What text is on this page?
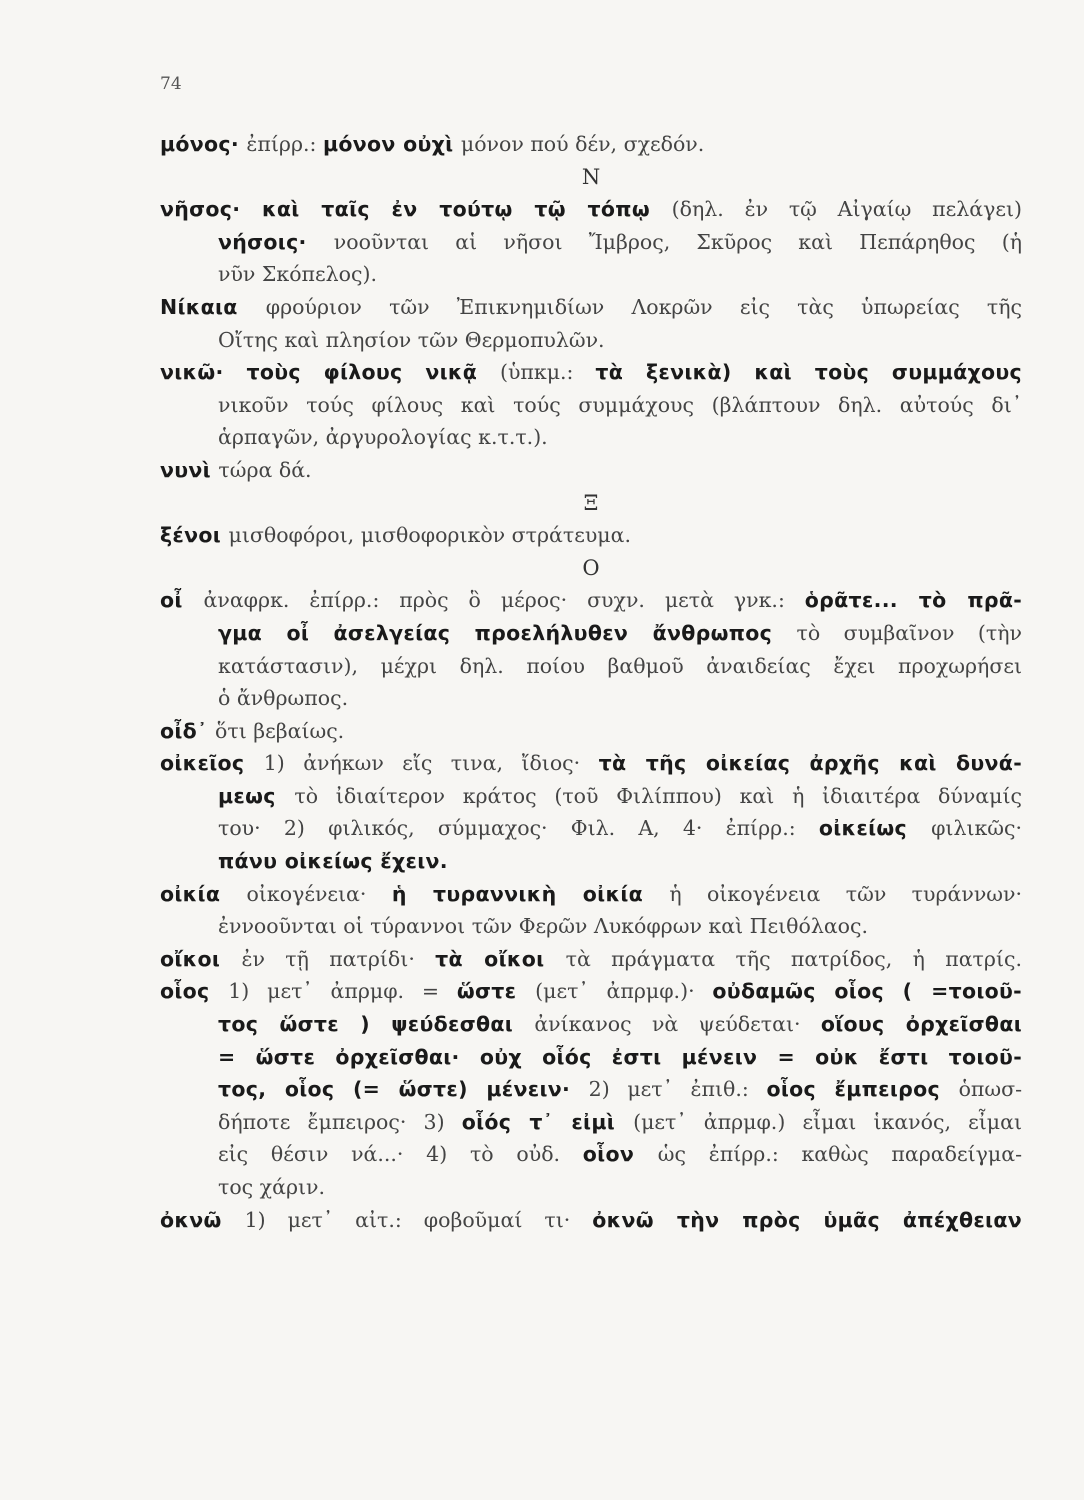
74
μόνος· ἐπίρρ.: μόνον οὐχὶ μόνον πού δέν, σχεδόν.
N
νῆσος· καὶ ταῖς ἐν τούτῳ τῷ τόπῳ (δηλ. ἐν τῷ Αἰγαίῳ πελάγει)
νήσοις· νοοῦνται αἱ νῆσοι Ἴμβρος, Σκῦρος καὶ Πεπάρηθος (ἡ
νῦν Σκόπελος).
Νίκαια φρούριον τῶν Ἐπικνημιδίων Λοκρῶν εἰς τὰς ὑπωρείας τῆς
Οἴτης καὶ πλησίον τῶν Θερμοπυλῶν.
νικῶ· τοὺς φίλους νικᾷ (ὑπκμ.: τὰ ξενικὰ) καὶ τοὺς συμμάχους
νικοῦν τούς φίλους καὶ τούς συμμάχους (βλάπτουν δηλ. αὐτούς δι᾿
ἁρπαγῶν, ἀργυρολογίας κ.τ.τ.).
νυνὶ τώρα δά.
Ξ
ξένοι μισθοφόροι, μισθοφορικὸν στράτευμα.
O
οἶ ἀναφρκ. ἐπίρρ.: πρὸς ὃ μέρος· συχν. μετὰ γνκ.: ὁρᾶτε... τὸ πρᾶ-
γμα οἶ ἀσελγείας προελήλυθεν ἄνθρωπος τὸ συμβαῖνον (τὴν
κατάστασιν), μέχρι δηλ. ποίου βαθμοῦ ἀναιδείας ἔχει προχωρήσει
ὁ ἄνθρωπος.
οἶδ᾿ ὅτι βεβαίως.
οἰκεῖος 1) ἀνήκων εἴς τινα, ἴδιος· τὰ τῆς οἰκείας ἀρχῆς καὶ δυνά-
μεως τὸ ἰδιαίτερον κράτος (τοῦ Φιλίππου) καὶ ἡ ἰδιαιτέρα δύναμίς
του· 2) φιλικός, σύμμαχος· Φιλ. Α, 4· ἐπίρρ.: οἰκείως φιλικῶς·
πάνυ οἰκείως ἔχειν.
οἰκία οἰκογένεια· ἡ τυραννικὴ οἰκία ἡ οἰκογένεια τῶν τυράννων·
ἐννοοῦνται οἱ τύραννοι τῶν Φερῶν Λυκόφρων καὶ Πειθόλαος.
οἴκοι ἐν τῇ πατρίδι· τὰ οἴκοι τὰ πράγματα τῆς πατρίδος, ἡ πατρίς.
οἷος 1) μετ᾿ ἀπρμφ. = ὥστε (μετ᾿ ἀπρμφ.)· οὐδαμῶς οἷος ( =τοιοῦ-
τος ὥστε ) ψεύδεσθαι ἀνίκανος νὰ ψεύδεται· οἵους ὀρχεῖσθαι
= ὥστε ὀρχεῖσθαι· οὐχ οἷός ἐστι μένειν = οὐκ ἔστι τοιοῦ-
τος, οἷος (= ὥστε) μένειν· 2) μετ᾿ ἐπιθ.: οἷος ἔμπειρος ὁπωσ-
δήποτε ἔμπειρος· 3) οἷός τ᾿ εἰμὶ (μετ᾿ ἀπρμφ.) εἶμαι ἱκανός, εἶμαι
εἰς θέσιν νά...· 4) τὸ οὐδ. οἷον ὡς ἐπίρρ.: καθὼς παραδείγμα-
τος χάριν.
ὀκνῶ 1) μετ᾿ αἰτ.: φοβοῦμαί τι· ὀκνῶ τὴν πρὸς ὑμᾶς ἀπέχθειαν
